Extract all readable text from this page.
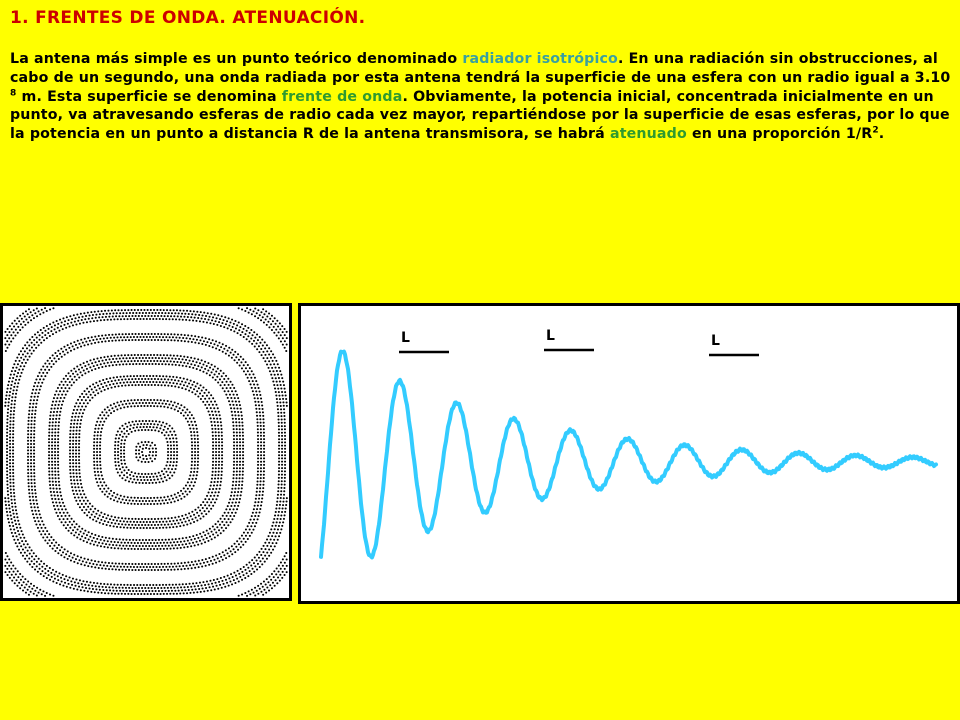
1. FRENTES DE ONDA. ATENUACIÓN.
La antena más simple es un punto teórico denominado radiador isotrópico. En una radiación sin obstrucciones, al cabo de un segundo, una onda radiada por esta antena tendrá la superficie de una esfera con un radio igual a 3.10 $^8$ m. Esta superficie se denomina frente de onda. Obviamente, la potencia inicial, concentrada inicialmente en un punto, va atravesando esferas de radio cada vez mayor, repartiéndose por la superficie de esas esferas, por lo que la potencia en un punto a distancia R de la antena transmisora, se habrá atenuado en una proporción $1/R^2$.
L	L	L
